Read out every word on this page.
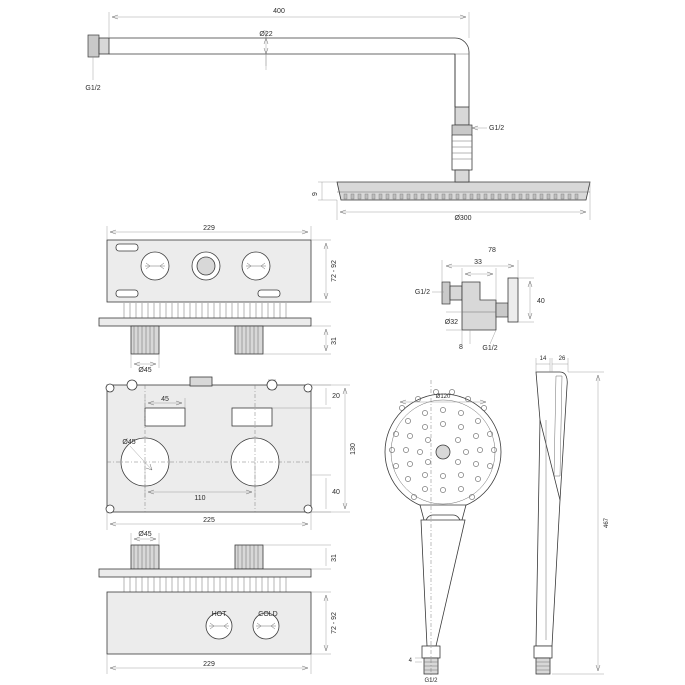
400
Ø22
G1/2
G1/2
9
Ø300
78
33
40
Ø32
8
G1/2
G1/2
229
72 - 92
31
Ø45
45	20
130
40
110
225
Ø45
HOT	COLD
Ø45
31
72 - 92
229
Ø120
4
G1/2
14 26
467
